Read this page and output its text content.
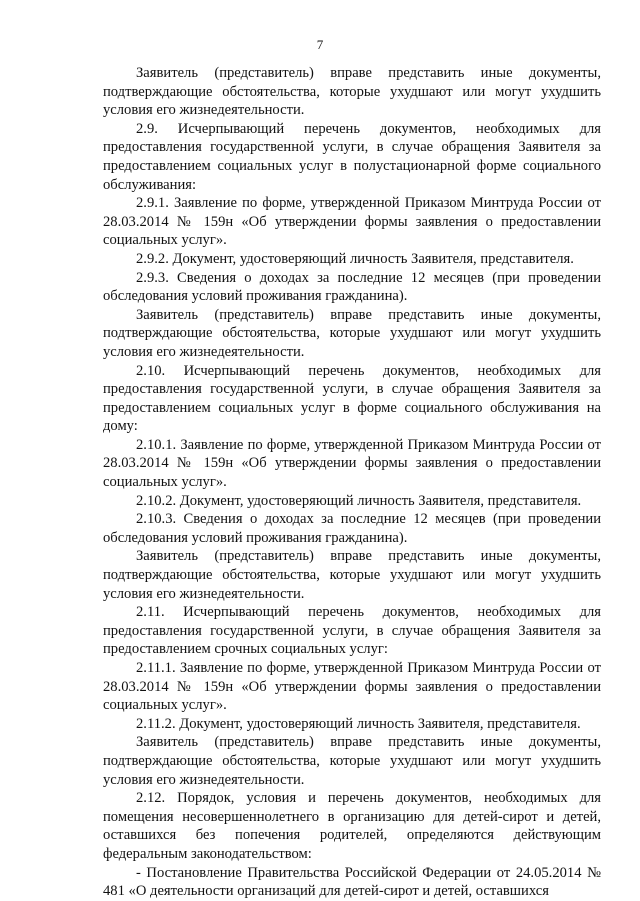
7

Заявитель (представитель) вправе представить иные документы, подтверждающие обстоятельства, которые ухудшают или могут ухудшить условия его жизнедеятельности.

2.9. Исчерпывающий перечень документов, необходимых для предоставления государственной услуги, в случае обращения Заявителя за предоставлением социальных услуг в полустационарной форме социального обслуживания:

2.9.1. Заявление по форме, утвержденной Приказом Минтруда России от 28.03.2014 № 159н «Об утверждении формы заявления о предоставлении социальных услуг».

2.9.2. Документ, удостоверяющий личность Заявителя, представителя.

2.9.3. Сведения о доходах за последние 12 месяцев (при проведении обследования условий проживания гражданина).

Заявитель (представитель) вправе представить иные документы, подтверждающие обстоятельства, которые ухудшают или могут ухудшить условия его жизнедеятельности.

2.10. Исчерпывающий перечень документов, необходимых для предоставления государственной услуги, в случае обращения Заявителя за предоставлением социальных услуг в форме социального обслуживания на дому:

2.10.1. Заявление по форме, утвержденной Приказом Минтруда России от 28.03.2014 № 159н «Об утверждении формы заявления о предоставлении социальных услуг».

2.10.2. Документ, удостоверяющий личность Заявителя, представителя.

2.10.3. Сведения о доходах за последние 12 месяцев (при проведении обследования условий проживания гражданина).

Заявитель (представитель) вправе представить иные документы, подтверждающие обстоятельства, которые ухудшают или могут ухудшить условия его жизнедеятельности.

2.11. Исчерпывающий перечень документов, необходимых для предоставления государственной услуги, в случае обращения Заявителя за предоставлением срочных социальных услуг:

2.11.1. Заявление по форме, утвержденной Приказом Минтруда России от 28.03.2014 № 159н «Об утверждении формы заявления о предоставлении социальных услуг».

2.11.2. Документ, удостоверяющий личность Заявителя, представителя.

Заявитель (представитель) вправе представить иные документы, подтверждающие обстоятельства, которые ухудшают или могут ухудшить условия его жизнедеятельности.

2.12. Порядок, условия и перечень документов, необходимых для помещения несовершеннолетнего в организацию для детей-сирот и детей, оставшихся без попечения родителей, определяются действующим федеральным законодательством:

- Постановление Правительства Российской Федерации от 24.05.2014 № 481 «О деятельности организаций для детей-сирот и детей, оставшихся
